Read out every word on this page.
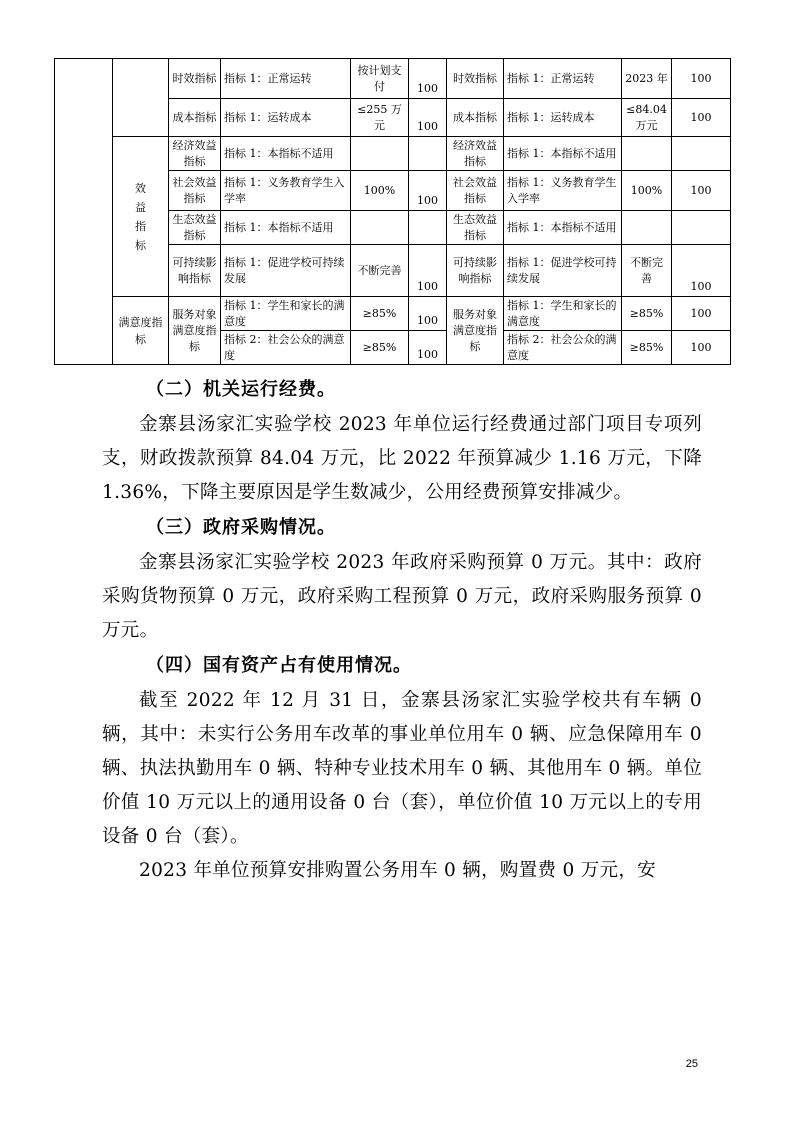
		时效指标	指标 1：正常运转	按计划支付	100	时效指标	指标 1：正常运转	2023 年	100
		成本指标	指标 1：运转成本	≤255 万元	100	成本指标	指标 1：运转成本	≤84.04 万元	100
	效益指标	经济效益指标	指标 1：本指标不适用			经济效益指标	指标 1：本指标不适用		
		社会效益指标	指标 1：义务教育学生入学率	100%	100	社会效益指标	指标 1：义务教育学生入学率	100%	100
		生态效益指标	指标 1：本指标不适用			生态效益指标	指标 1：本指标不适用		
		可持续影响指标	指标 1：促进学校可持续发展	不断完善	100	可持续影响指标	指标 1：促进学校可持续发展	不断完善	100
	满意度指标	服务对象满意度指标	指标 1：学生和家长的满意度	≥85%	100	服务对象满意度指标	指标 1：学生和家长的满意度	≥85%	100
			指标 2：社会公众的满意度	≥85%	100		指标 2：社会公众的满意度	≥85%	100
（二）机关运行经费。

金寨县汤家汇实验学校 2023 年单位运行经费通过部门项目专项列支，财政拨款预算 84.04 万元，比 2022 年预算减少 1.16 万元，下降 1.36%，下降主要原因是学生数减少，公用经费预算安排减少。

（三）政府采购情况。

金寨县汤家汇实验学校 2023 年政府采购预算 0 万元。其中：政府采购货物预算 0 万元，政府采购工程预算 0 万元，政府采购服务预算 0 万元。

（四）国有资产占有使用情况。

截至 2022 年 12 月 31 日，金寨县汤家汇实验学校共有车辆 0 辆，其中：未实行公务用车改革的事业单位用车 0 辆、应急保障用车 0 辆、执法执勤用车 0 辆、特种专业技术用车 0 辆、其他用车 0 辆。单位价值 10 万元以上的通用设备 0 台（套），单位价值 10 万元以上的专用设备 0 台（套）。

2023 年单位预算安排购置公务用车 0 辆，购置费 0 万元，安

25
